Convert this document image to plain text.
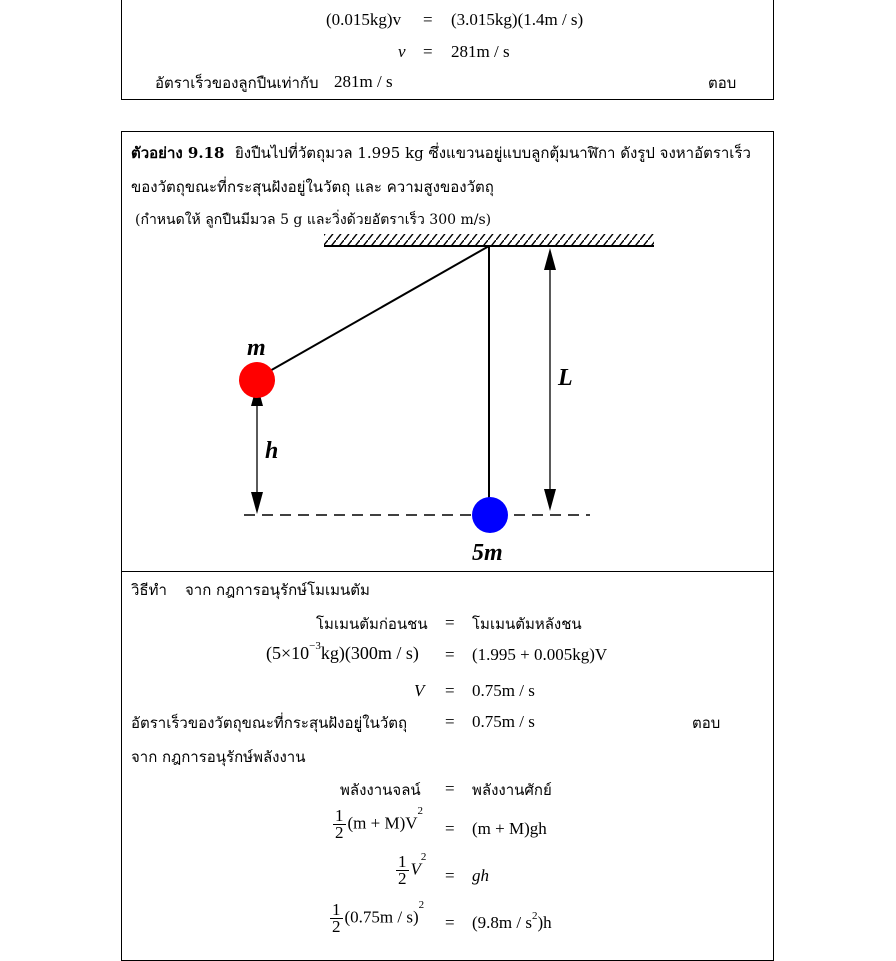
(0.015kg)v = (3.015kg)(1.4m / s)
v = 281m / s
อัตราเร็วของลูกปืนเท่ากับ 281m / s	ตอบ
ตัวอย่าง 9.18 ยิงปืนไปที่วัตถุมวล 1.995 kg ซึ่งแขวนอยู่แบบลูกตุ้มนาฬิกา ดังรูป จงหาอัตราเร็ว
ของวัตถุขณะที่กระสุนฝังอยู่ในวัตถุ และ ความสูงของวัตถุ
(กำหนดให้ ลูกปืนมีมวล 5 g และวิ่งด้วยอัตราเร็ว 300 m/s)
m
h
L
5m
วิธีทำ จาก กฎการอนุรักษ์โมเมนตัม
โมเมนตัมก่อนชน = โมเมนตัมหลังชน
$(5\times 10^{-3}kg)(300m / s) = (1.995 + 0.005kg)V$
V = 0.75m / s
อัตราเร็วของวัตถุขณะที่กระสุนฝังอยู่ในวัตถุ = 0.75m / s	ตอบ
จาก กฎการอนุรักษ์พลังงาน
พลังงานจลน์ = พลังงานศักย์
$\frac{1}{2} (m + M)V^2$
= (m + M)gh
$\frac{1}{2} V^2$
= gh
$\frac{1}{2} (0.75m / s)^2$
= $(9.8m / s^2)h$
